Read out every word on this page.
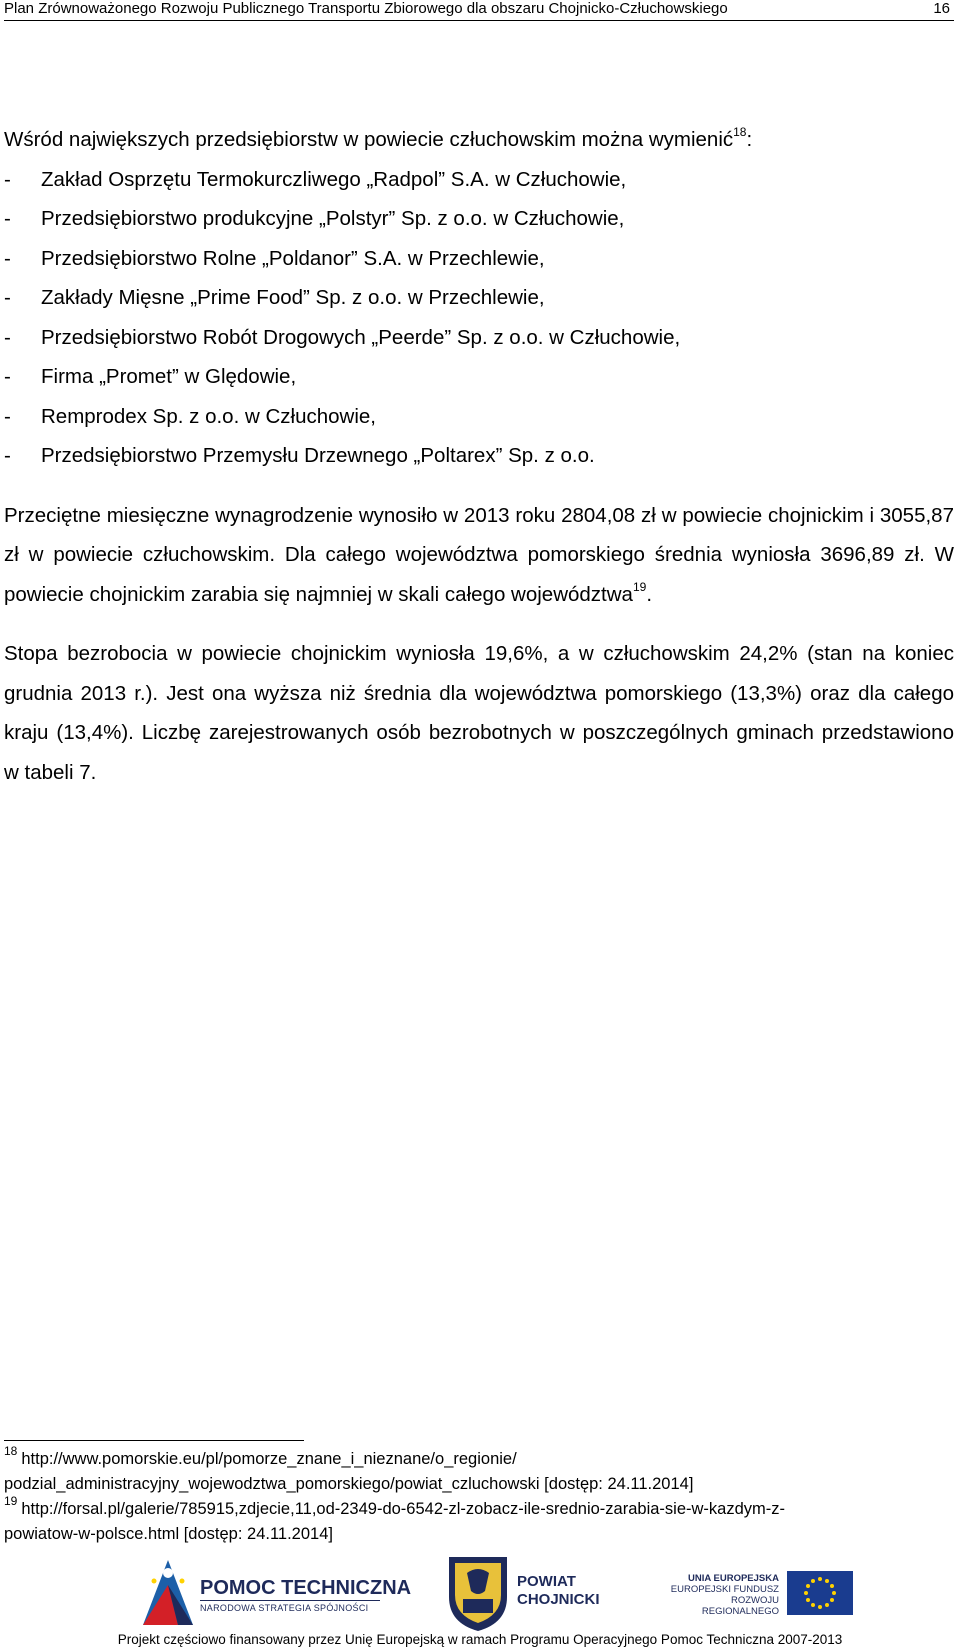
Plan Zrównoważonego Rozwoju Publicznego Transportu Zbiorowego dla obszaru Chojnicko-Człuchowskiego	16

Wśród największych przedsiębiorstw w powiecie człuchowskim można wymienić$^{18}$:

-	Zakład Osprzętu Termokurczliwego „Radpol” S.A. w Człuchowie,
-	Przedsiębiorstwo produkcyjne „Polstyr” Sp. z o.o. w Człuchowie,
-	Przedsiębiorstwo Rolne „Poldanor” S.A. w Przechlewie,
-	Zakłady Mięsne „Prime Food” Sp. z o.o. w Przechlewie,
-	Przedsiębiorstwo Robót Drogowych „Peerde” Sp. z o.o. w Człuchowie,
-	Firma „Promet” w Ględowie,
-	Remprodex Sp. z o.o. w Człuchowie,
-	Przedsiębiorstwo Przemysłu Drzewnego „Poltarex” Sp. z o.o.

Przeciętne miesięczne wynagrodzenie wynosiło w 2013 roku 2804,08 zł w powiecie chojnickim i 3055,87 zł w powiecie człuchowskim. Dla całego województwa pomorskiego średnia wyniosła 3696,89 zł. W powiecie chojnickim zarabia się najmniej w skali całego województwa$^{19}$.

Stopa bezrobocia w powiecie chojnickim wyniosła 19,6%, a w człuchowskim 24,2% (stan na koniec grudnia 2013 r.). Jest ona wyższa niż średnia dla województwa pomorskiego (13,3%) oraz dla całego kraju (13,4%). Liczbę zarejestrowanych osób bezrobotnych w poszczególnych gminach przedstawiono w tabeli 7.

$^{18}$ http://www.pomorskie.eu/pl/pomorze_znane_i_nieznane/o_regionie/

podzial_administracyjny_wojewodztwa_pomorskiego/powiat_czluchowski [dostęp: 24.11.2014]

$^{19}$ http://forsal.pl/galerie/785915,zdjecie,11,od-2349-do-6542-zl-zobacz-ile-srednio-zarabia-sie-w-kazdym-z-

powiatow-w-polsce.html [dostęp: 24.11.2014]

POMOC TECHNICZNA
NARODOWA STRATEGIA SPÓJNOŚCI
POWIAT
CHOJNICKI
UNIA EUROPEJSKA
EUROPEJSKI FUNDUSZ
ROZWOJU REGIONALNEGO
Projekt częściowo finansowany przez Unię Europejską w ramach Programu Operacyjnego Pomoc Techniczna 2007-2013
